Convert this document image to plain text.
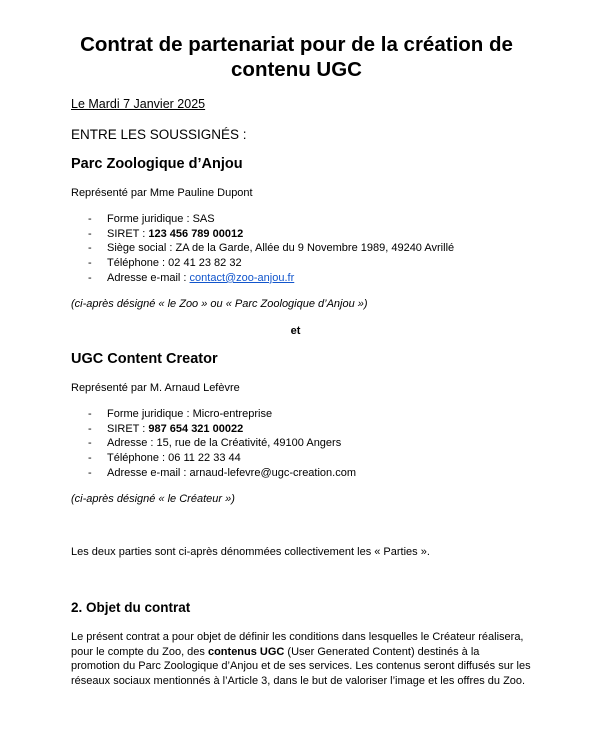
Contrat de partenariat pour de la création de
contenu UGC
Le Mardi 7 Janvier 2025
ENTRE LES SOUSSIGNÉS :
Parc Zoologique d’Anjou
Représenté par Mme Pauline Dupont
- Forme juridique : SAS
- SIRET : 123 456 789 00012
- Siège social : ZA de la Garde, Allée du 9 Novembre 1989, 49240 Avrillé
- Téléphone : 02 41 23 82 32
- Adresse e-mail : contact@zoo-anjou.fr
(ci-après désigné « le Zoo » ou « Parc Zoologique d’Anjou »)
et
UGC Content Creator
Représenté par M. Arnaud Lefèvre
- Forme juridique : Micro-entreprise
- SIRET : 987 654 321 00022
- Adresse : 15, rue de la Créativité, 49100 Angers
- Téléphone : 06 11 22 33 44
- Adresse e-mail : arnaud-lefevre@ugc-creation.com
(ci-après désigné « le Créateur »)
Les deux parties sont ci-après dénommées collectivement les « Parties ».
2. Objet du contrat

Le présent contrat a pour objet de définir les conditions dans lesquelles le Créateur réalisera, pour le compte du Zoo, des contenus UGC (User Generated Content) destinés à la promotion du Parc Zoologique d’Anjou et de ses services. Les contenus seront diffusés sur les réseaux sociaux mentionnés à l’Article 3, dans le but de valoriser l’image et les offres du Zoo.
